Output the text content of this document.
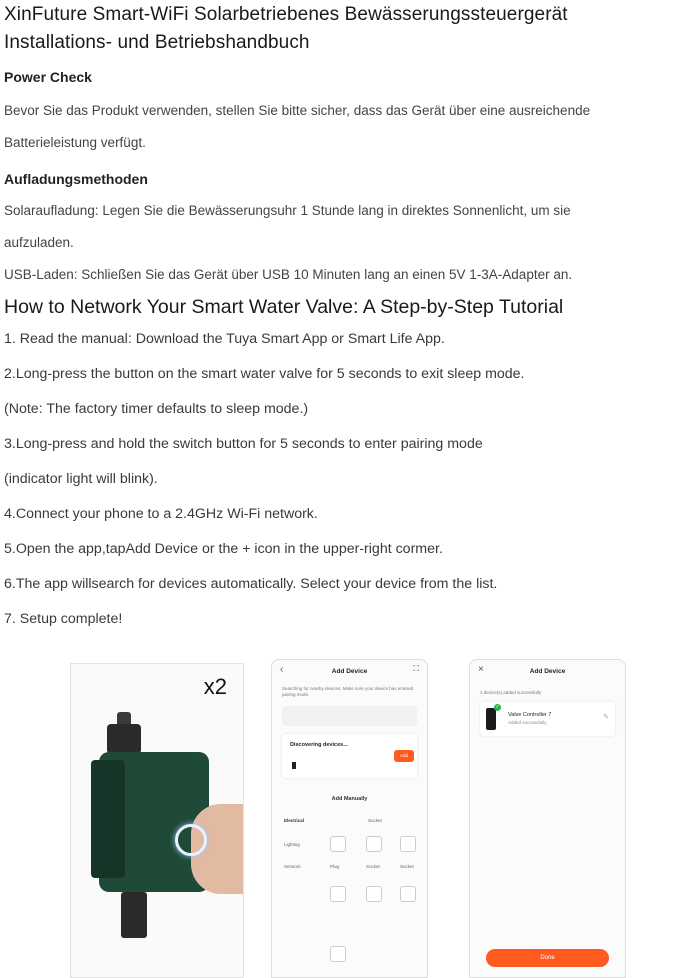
XinFuture Smart-WiFi Solarbetriebenes Bewässerungssteuergerät
Installations- und Betriebshandbuch
Power Check
Bevor Sie das Produkt verwenden, stellen Sie bitte sicher, dass das Gerät über eine ausreichende
Batterieleistung verfügt.
Aufladungsmethoden
Solaraufladung: Legen Sie die Bewässerungsuhr 1 Stunde lang in direktes Sonnenlicht, um sie
aufzuladen.
USB-Laden: Schließen Sie das Gerät über USB 10 Minuten lang an einen 5V 1-3A-Adapter an.
How to Network Your Smart Water Valve: A Step-by-Step Tutorial
1. Read the manual: Download the Tuya Smart App or Smart Life App.
2.Long-press the button on the smart water valve for 5 seconds to exit sleep mode.
(Note: The factory timer defaults to sleep mode.)
3.Long-press and hold the switch button for 5 seconds to enter pairing mode
(indicator light will blink).
4.Connect your phone to a 2.4GHz Wi-Fi network.
5.Open the app,tapAdd Device or the + icon in the upper-right cormer.
6.The app willsearch for devices automatically. Select your device from the list.
7. Setup complete!
x2
‹	Add Device	⛶
Searching for nearby devices. Make sure your device has entered pairing mode.
Discovering devices...
Add
Add Manually
Electrical	Socket
Lighting
Sensors	Plug	Socket	Socket
×	Add Device
1 device(s) added successfully
✓
Valve Controller 7
Added successfully
✎
Done
